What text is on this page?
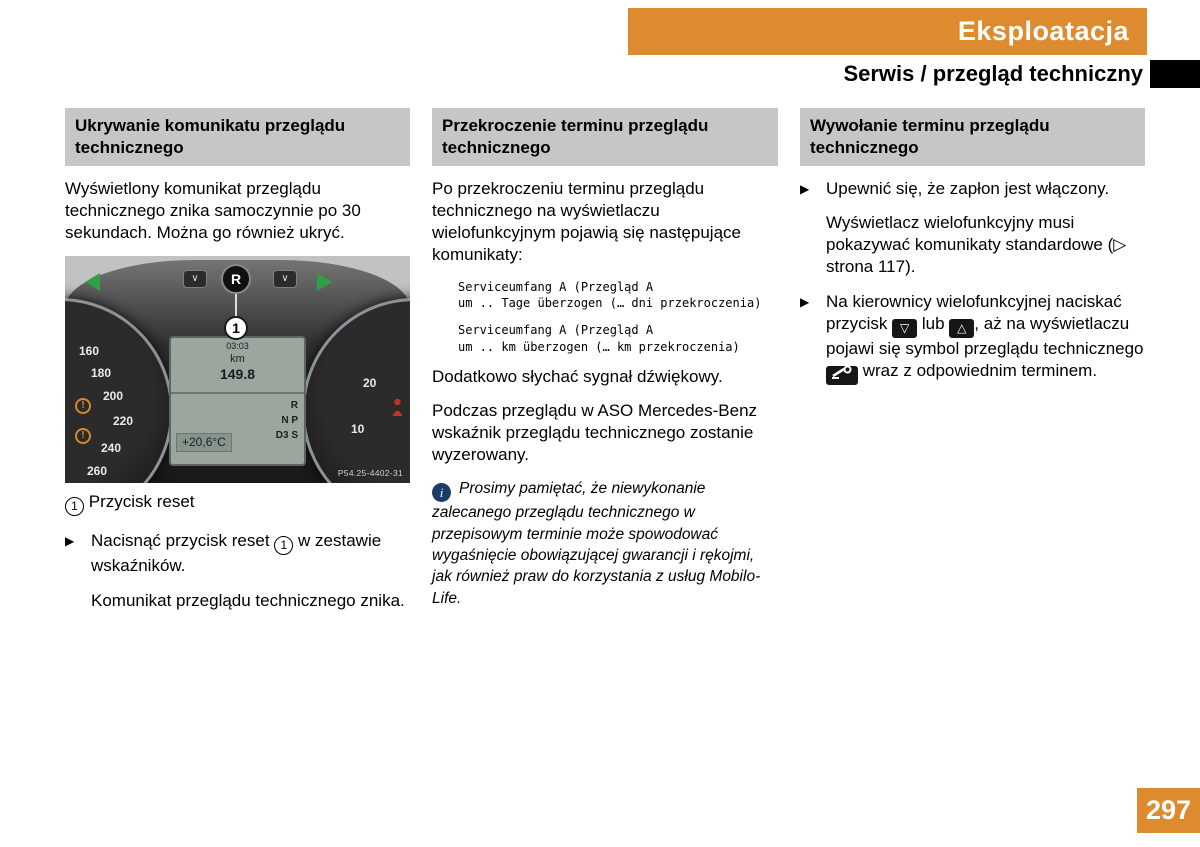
Eksploatacja
Serwis / przegląd techniczny
Ukrywanie komunikatu przeglądu technicznego

Wyświetlony komunikat przeglądu technicznego znika samoczynnie po 30 sekundach. Można go również ukryć.

160
180
200
220
240
260
20
10
∨	R	∨
1
03:03
km
149.8
+20,6°C
R
N P
D3 S
!
!
P54.25-4402-31

1 Przycisk reset

▶ Nacisnąć przycisk reset 1 w zestawie wskaźników.

Komunikat przeglądu technicznego znika.

Przekroczenie terminu przeglądu technicznego

Po przekroczeniu terminu przeglądu technicznego na wyświetlaczu wielofunkcyjnym pojawią się następujące komunikaty:

Serviceumfang A (Przegląd A
um .. Tage überzogen (… dni przekroczenia)
Serviceumfang A (Przegląd A
um .. km überzogen (… km przekroczenia)

Dodatkowo słychać sygnał dźwiękowy.

Podczas przeglądu w ASO Mercedes-Benz wskaźnik przeglądu technicznego zostanie wyzerowany.

i Prosimy pamiętać, że niewykonanie zalecanego przeglądu technicznego w przepisowym terminie może spowodować wygaśnięcie obowiązującej gwarancji i rękojmi, jak również praw do korzystania z usług Mobilo-Life.

Wywołanie terminu przeglądu technicznego
▶ Upewnić się, że zapłon jest włączony.

Wyświetlacz wielofunkcyjny musi pokazywać komunikaty standardowe (▷ strona 117).

▶ Na kierownicy wielofunkcyjnej naciskać przycisk ▽ lub △ , aż na wyświetlaczu pojawi się symbol przeglądu technicznego  wraz z odpowiednim terminem.

297
